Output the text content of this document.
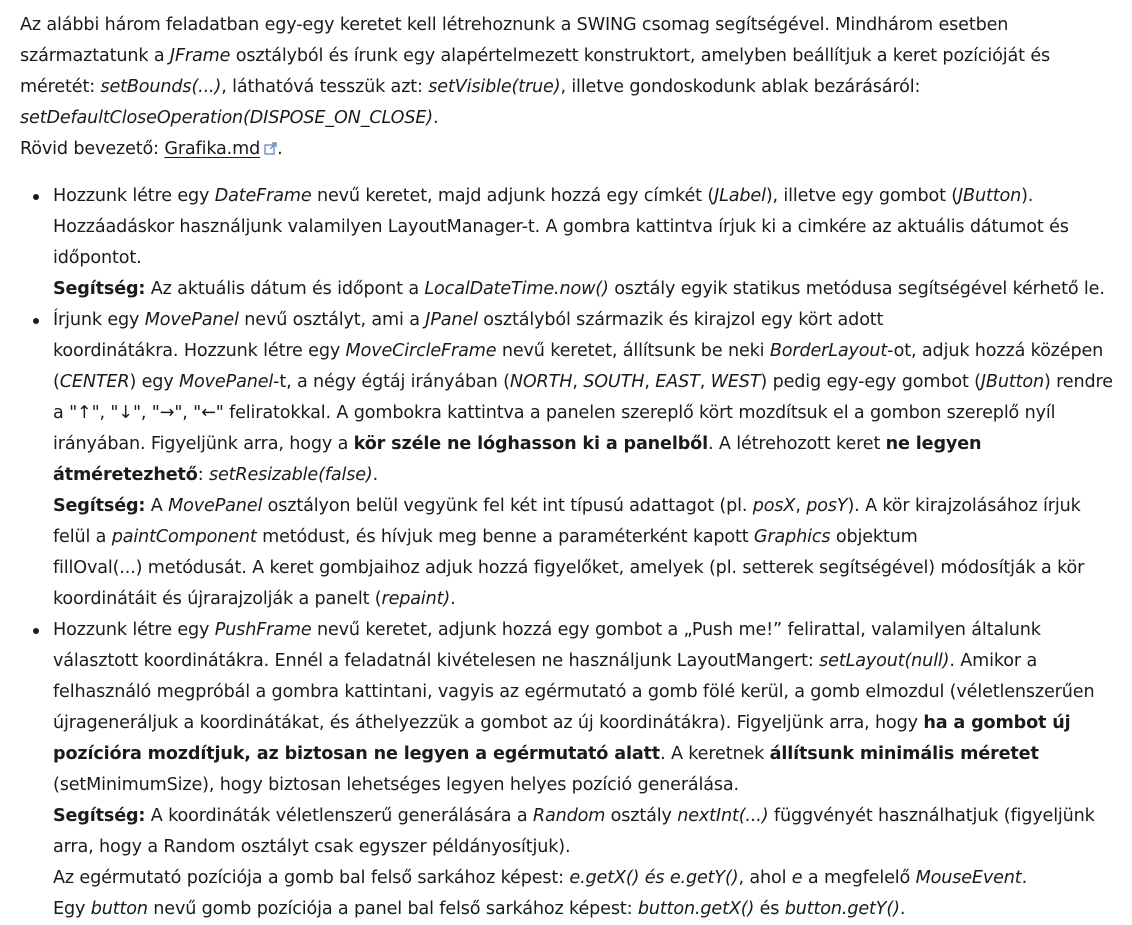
Az alábbi három feladatban egy-egy keretet kell létrehoznunk a SWING csomag segítségével. Mindhárom esetben származtatunk a JFrame osztályból és írunk egy alapértelmezett konstruktort, amelyben beállítjuk a keret pozícióját és méretét: setBounds(...), láthatóvá tesszük azt: setVisible(true), illetve gondoskodunk ablak bezárásáról:
setDefaultCloseOperation(DISPOSE_ON_CLOSE).
Rövid bevezető: Grafika.md .

Hozzunk létre egy DateFrame nevű keretet, majd adjunk hozzá egy címkét (JLabel), illetve egy gombot (JButton). Hozzáadáskor használjunk valamilyen LayoutManager-t. A gombra kattintva írjuk ki a cimkére az aktuális dátumot és időpontot.
Segítség: Az aktuális dátum és időpont a LocalDateTime.now() osztály egyik statikus metódusa segítségével kérhető le.
Írjunk egy MovePanel nevű osztályt, ami a JPanel osztályból származik és kirajzol egy kört adott
koordinátákra. Hozzunk létre egy MoveCircleFrame nevű keretet, állítsunk be neki BorderLayout-ot, adjuk hozzá középen (CENTER) egy MovePanel-t, a négy égtáj irányában (NORTH, SOUTH, EAST, WEST) pedig egy-egy gombot (JButton) rendre a "↑", "↓", "→", "←" feliratokkal. A gombokra kattintva a panelen szereplő kört mozdítsuk el a gombon szereplő nyíl irányában. Figyeljünk arra, hogy a kör széle ne lóghasson ki a panelből. A létrehozott keret ne legyen átméretezhető: setResizable(false).
Segítség: A MovePanel osztályon belül vegyünk fel két int típusú adattagot (pl. posX, posY). A kör kirajzolásához írjuk felül a paintComponent metódust, és hívjuk meg benne a paraméterként kapott Graphics objektum
fillOval(...) metódusát. A keret gombjaihoz adjuk hozzá figyelőket, amelyek (pl. setterek segítségével) módosítják a kör koordinátáit és újrarajzolják a panelt (repaint).
Hozzunk létre egy PushFrame nevű keretet, adjunk hozzá egy gombot a „Push me!” felirattal, valamilyen általunk választott koordinátákra. Ennél a feladatnál kivételesen ne használjunk LayoutMangert: setLayout(null). Amikor a felhasználó megpróbál a gombra kattintani, vagyis az egérmutató a gomb fölé kerül, a gomb elmozdul (véletlenszerűen újrageneráljuk a koordinátákat, és áthelyezzük a gombot az új koordinátákra). Figyeljünk arra, hogy ha a gombot új pozícióra mozdítjuk, az biztosan ne legyen a egérmutató alatt. A keretnek állítsunk minimális méretet (setMinimumSize), hogy biztosan lehetséges legyen helyes pozíció generálása.
Segítség: A koordináták véletlenszerű generálására a Random osztály nextInt(...) függvényét használhatjuk (figyeljünk arra, hogy a Random osztályt csak egyszer példányosítjuk).
Az egérmutató pozíciója a gomb bal felső sarkához képest: e.getX() és e.getY(), ahol e a megfelelő MouseEvent.
Egy button nevű gomb pozíciója a panel bal felső sarkához képest: button.getX() és button.getY().
